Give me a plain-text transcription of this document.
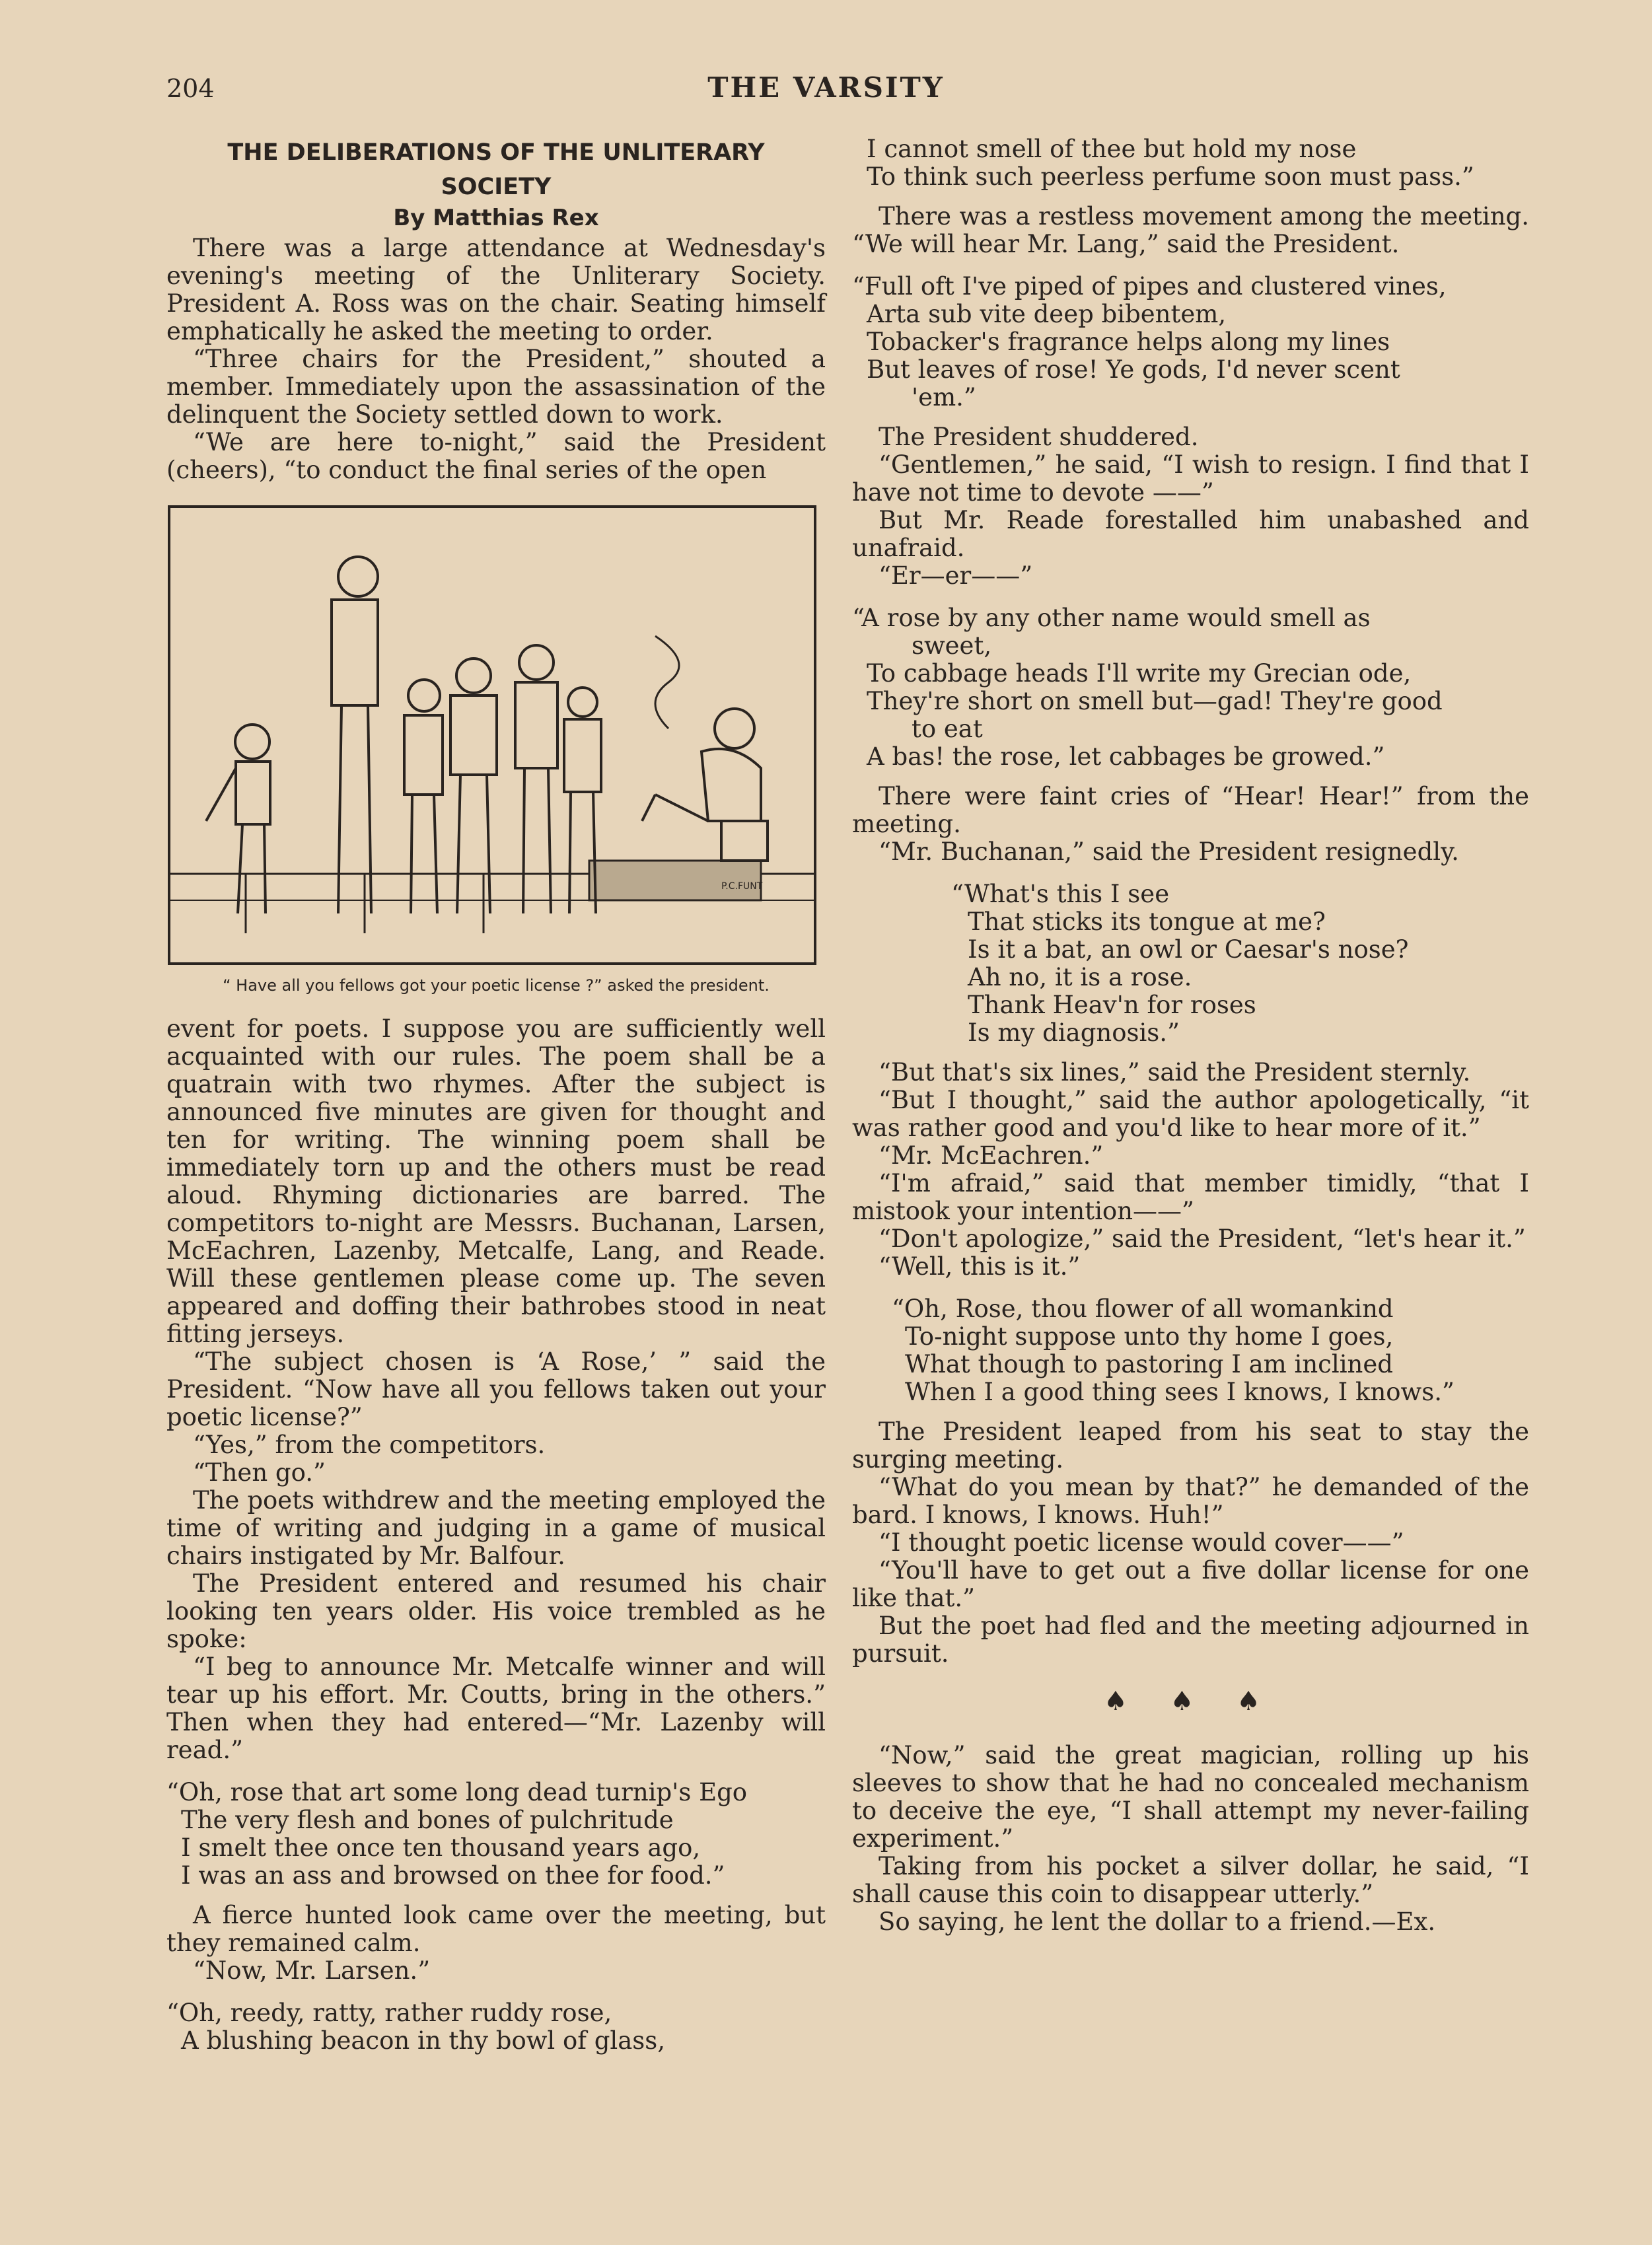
204	THE VARSITY
THE DELIBERATIONS OF THE UNLITERARY
SOCIETY
By Matthias Rex

There was a large attendance at Wednesday's evening's meeting of the Unliterary Society. President A. Ross was on the chair. Seating himself emphatically he asked the meeting to order.

“Three chairs for the President,” shouted a member. Immediately upon the assassination of the delinquent the Society settled down to work.

“We are here to-night,” said the President (cheers), “to conduct the final series of the open

P.C.FUNT
“ Have all you fellows got your poetic license ?” asked the president.

event for poets. I suppose you are sufficiently well acquainted with our rules. The poem shall be a quatrain with two rhymes. After the subject is announced five minutes are given for thought and ten for writing. The winning poem shall be immediately torn up and the others must be read aloud. Rhyming dictionaries are barred. The competitors to-night are Messrs. Buchanan, Larsen, McEachren, Lazenby, Metcalfe, Lang, and Reade. Will these gentlemen please come up. The seven appeared and doffing their bathrobes stood in neat fitting jerseys.

“The subject chosen is ‘A Rose,’ ” said the President. “Now have all you fellows taken out your poetic license?”

“Yes,” from the competitors.

“Then go.”

The poets withdrew and the meeting employed the time of writing and judging in a game of musical chairs instigated by Mr. Balfour.

The President entered and resumed his chair looking ten years older. His voice trembled as he spoke:

“I beg to announce Mr. Metcalfe winner and will tear up his effort. Mr. Coutts, bring in the others.” Then when they had entered—“Mr. Lazenby will read.”

“Oh, rose that art some long dead turnip's Ego
The very flesh and bones of pulchritude
I smelt thee once ten thousand years ago,
I was an ass and browsed on thee for food.”

A fierce hunted look came over the meeting, but they remained calm.

“Now, Mr. Larsen.”

“Oh, reedy, ratty, rather ruddy rose,
A blushing beacon in thy bowl of glass,
I cannot smell of thee but hold my nose
To think such peerless perfume soon must pass.”

There was a restless movement among the meeting. “We will hear Mr. Lang,” said the President.

“Full oft I've piped of pipes and clustered vines,
Arta sub vite deep bibentem,
Tobacker's fragrance helps along my lines
But leaves of rose! Ye gods, I'd never scent
'em.”

The President shuddered.

“Gentlemen,” he said, “I wish to resign. I find that I have not time to devote ——”

But Mr. Reade forestalled him unabashed and unafraid.

“Er—er——”

“A rose by any other name would smell as
sweet,
To cabbage heads I'll write my Grecian ode,
They're short on smell but—gad! They're good
to eat
A bas! the rose, let cabbages be growed.”

There were faint cries of “Hear! Hear!” from the meeting.

“Mr. Buchanan,” said the President resignedly.

“What's this I see
That sticks its tongue at me?
Is it a bat, an owl or Caesar's nose?
Ah no, it is a rose.
Thank Heav'n for roses
Is my diagnosis.”

“But that's six lines,” said the President sternly.

“But I thought,” said the author apologetically, “it was rather good and you'd like to hear more of it.”

“Mr. McEachren.”

“I'm afraid,” said that member timidly, “that I mistook your intention——”

“Don't apologize,” said the President, “let's hear it.”

“Well, this is it.”

“Oh, Rose, thou flower of all womankind
To-night suppose unto thy home I goes,
What though to pastoring I am inclined
When I a good thing sees I knows, I knows.”

The President leaped from his seat to stay the surging meeting.

“What do you mean by that?” he demanded of the bard. I knows, I knows. Huh!”

“I thought poetic license would cover——”

“You'll have to get out a five dollar license for one like that.”

But the poet had fled and the meeting adjourned in pursuit.

♠ ♠ ♠

“Now,” said the great magician, rolling up his sleeves to show that he had no concealed mechanism to deceive the eye, “I shall attempt my never-failing experiment.”

Taking from his pocket a silver dollar, he said, “I shall cause this coin to disappear utterly.”

So saying, he lent the dollar to a friend.—Ex.
